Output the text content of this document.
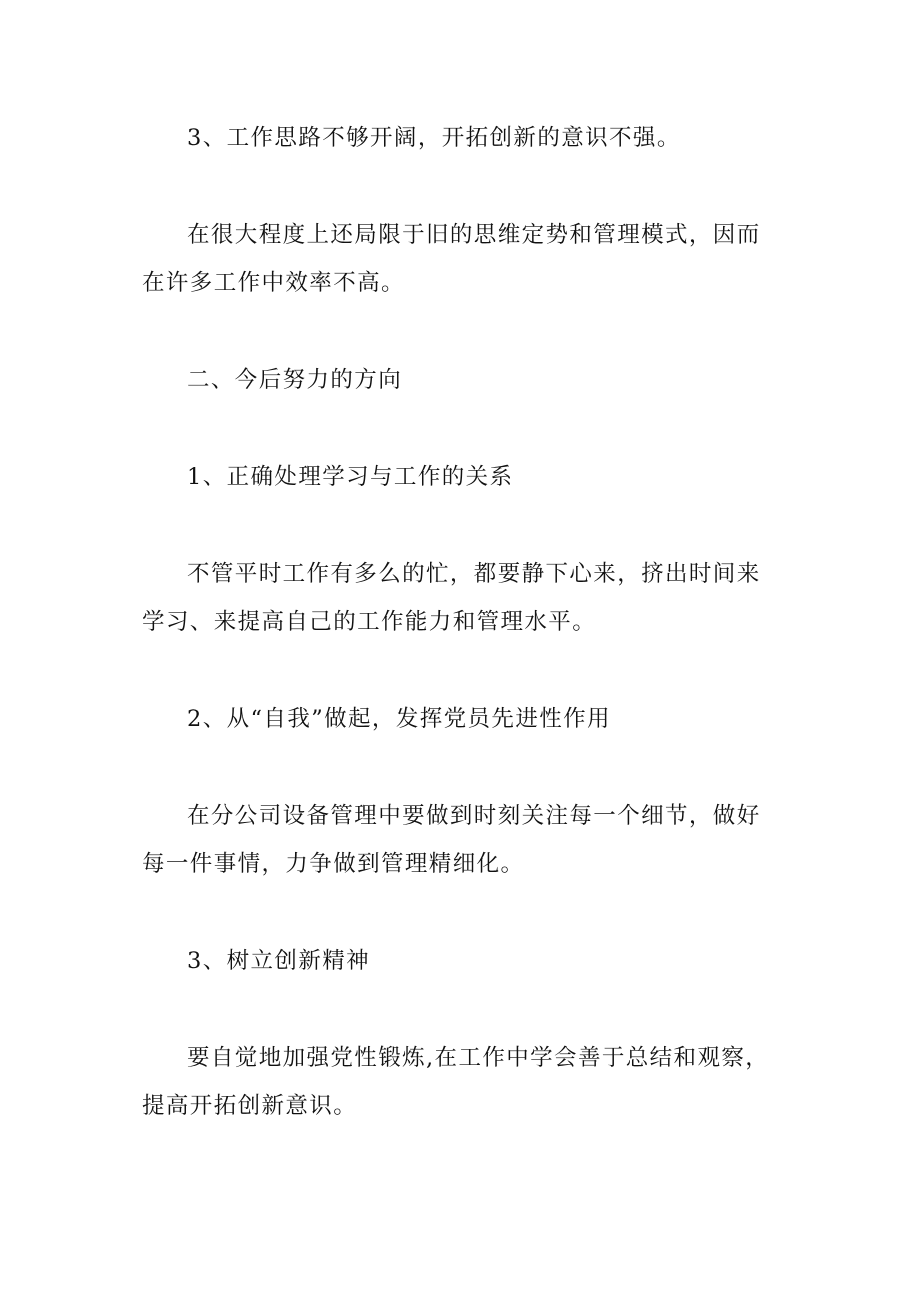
3、工作思路不够开阔，开拓创新的意识不强。

在很大程度上还局限于旧的思维定势和管理模式，因而在许多工作中效率不高。

二、今后努力的方向

1、正确处理学习与工作的关系

不管平时工作有多么的忙，都要静下心来，挤出时间来学习、来提高自己的工作能力和管理水平。

2、从“自我”做起，发挥党员先进性作用

在分公司设备管理中要做到时刻关注每一个细节，做好每一件事情，力争做到管理精细化。

3、树立创新精神

要自觉地加强党性锻炼,在工作中学会善于总结和观察，提高开拓创新意识。
